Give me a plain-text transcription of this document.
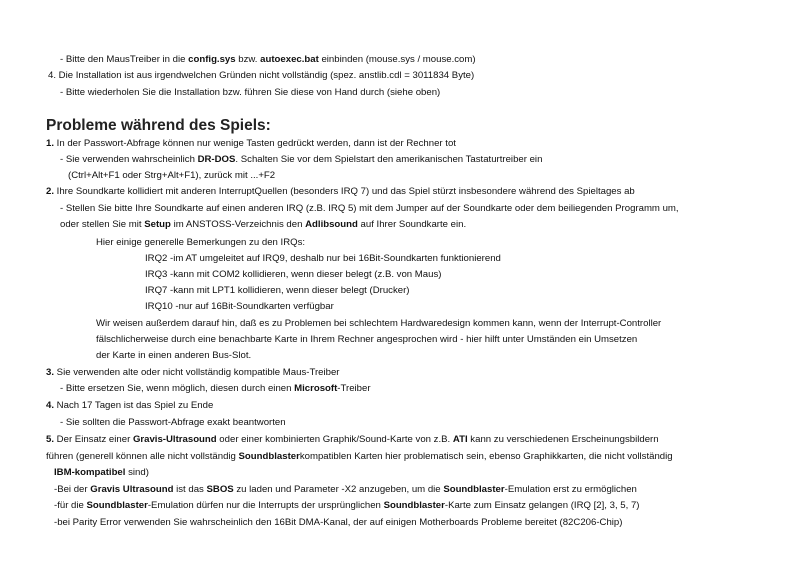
- Bitte den MausTreiber in die config.sys bzw. autoexec.bat einbinden (mouse.sys / mouse.com)
4. Die Installation ist aus irgendwelchen Gründen nicht vollständig (spez. anstlib.cdl = 3011834 Byte)
- Bitte wiederholen Sie die Installation bzw. führen Sie diese von Hand durch (siehe oben)
Probleme während des Spiels:
1. In der Passwort-Abfrage können nur wenige Tasten gedrückt werden, dann ist der Rechner tot
- Sie verwenden wahrscheinlich DR-DOS. Schalten Sie vor dem Spielstart den amerikanischen Tastaturtreiber ein
(Ctrl+Alt+F1 oder Strg+Alt+F1), zurück mit ...+F2
2. Ihre Soundkarte kollidiert mit anderen InterruptQuellen (besonders IRQ 7) und das Spiel stürzt insbesondere während des Spieltages ab
- Stellen Sie bitte Ihre Soundkarte auf einen anderen IRQ (z.B. IRQ 5) mit dem Jumper auf der Soundkarte oder dem beiliegenden Programm um,
oder stellen Sie mit Setup im ANSTOSS-Verzeichnis den Adlibsound auf Ihrer Soundkarte ein.
Hier einige generelle Bemerkungen zu den IRQs:
IRQ2 -im AT umgeleitet auf IRQ9, deshalb nur bei 16Bit-Soundkarten funktionierend
IRQ3 -kann mit COM2 kollidieren, wenn dieser belegt (z.B. von Maus)
IRQ7 -kann mit LPT1 kollidieren, wenn dieser belegt (Drucker)
IRQ10 -nur auf 16Bit-Soundkarten verfügbar
Wir weisen außerdem darauf hin, daß es zu Problemen bei schlechtem Hardwaredesign kommen kann, wenn der Interrupt-Controller
fälschlicherweise durch eine benachbarte Karte in Ihrem Rechner angesprochen wird - hier hilft unter Umständen ein Umsetzen
der Karte in einen anderen Bus-Slot.
3. Sie verwenden alte oder nicht vollständig kompatible Maus-Treiber
- Bitte ersetzen Sie, wenn möglich, diesen durch einen Microsoft-Treiber
4. Nach 17 Tagen ist das Spiel zu Ende
- Sie sollten die Passwort-Abfrage exakt beantworten
5. Der Einsatz einer Gravis-Ultrasound oder einer kombinierten Graphik/Sound-Karte von z.B. ATI kann zu verschiedenen Erscheinungsbildern
führen (generell können alle nicht vollständig Soundblasterkompatiblen Karten hier problematisch sein, ebenso Graphikkarten, die nicht vollständig
IBM-kompatibel sind)
-Bei der Gravis Ultrasound ist das SBOS zu laden und Parameter -X2 anzugeben, um die Soundblaster-Emulation erst zu ermöglichen
-für die Soundblaster-Emulation dürfen nur die Interrupts der ursprünglichen Soundblaster-Karte zum Einsatz gelangen (IRQ [2], 3, 5, 7)
-bei Parity Error verwenden Sie wahrscheinlich den 16Bit DMA-Kanal, der auf einigen Motherboards Probleme bereitet (82C206-Chip)
